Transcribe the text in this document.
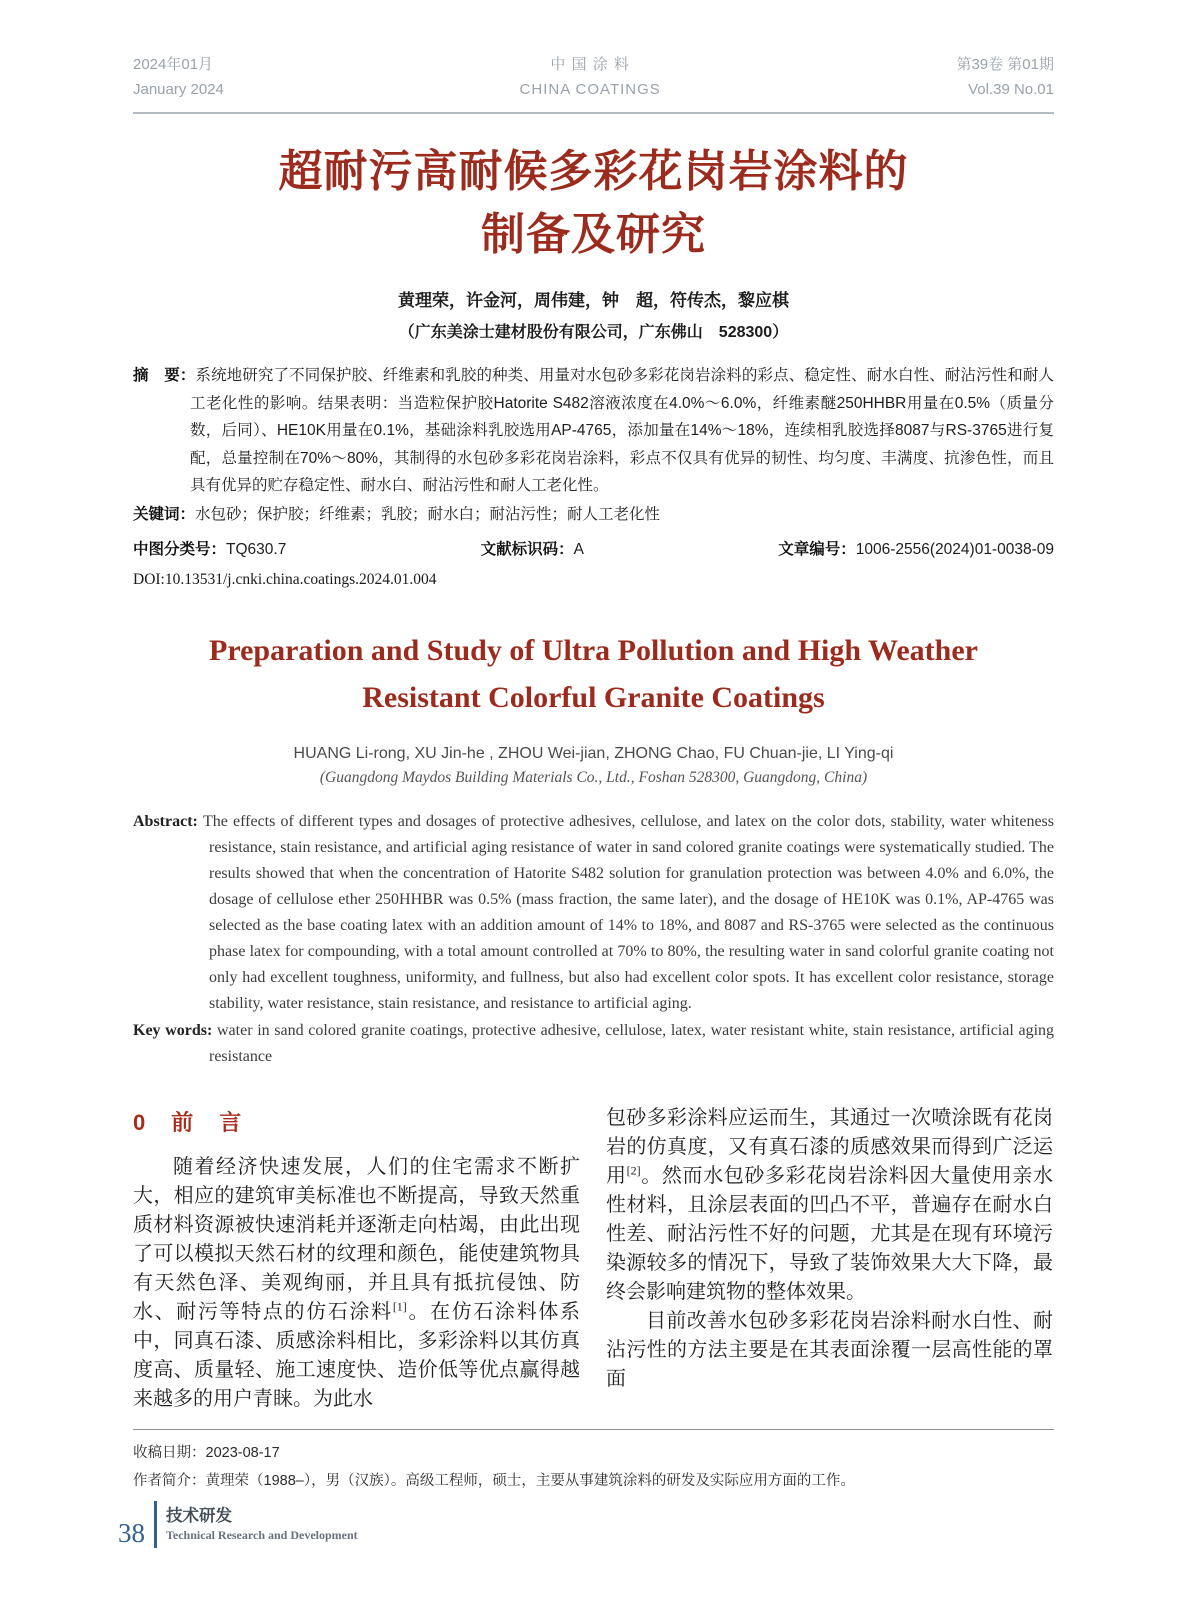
2024年01月
January 2024
中 国 涂 料
CHINA COATINGS
第39卷 第01期
Vol.39 No.01
超耐污高耐候多彩花岗岩涂料的
制备及研究
黄理荣，许金河，周伟建，钟　超，符传杰，黎应棋
（广东美涂士建材股份有限公司，广东佛山　528300）
摘　要：系统地研究了不同保护胶、纤维素和乳胶的种类、用量对水包砂多彩花岗岩涂料的彩点、稳定性、耐水白性、耐沾污性和耐人工老化性的影响。结果表明：当造粒保护胶Hatorite S482溶液浓度在4.0%～6.0%，纤维素醚250HHBR用量在0.5%（质量分数，后同）、HE10K用量在0.1%，基础涂料乳胶选用AP-4765，添加量在14%～18%，连续相乳胶选择8087与RS-3765进行复配，总量控制在70%～80%，其制得的水包砂多彩花岗岩涂料，彩点不仅具有优异的韧性、均匀度、丰满度、抗渗色性，而且具有优异的贮存稳定性、耐水白、耐沾污性和耐人工老化性。
关键词：水包砂；保护胶；纤维素；乳胶；耐水白；耐沾污性；耐人工老化性
中图分类号：TQ630.7	文献标识码：A	文章编号：1006-2556(2024)01-0038-09
DOI:10.13531/j.cnki.china.coatings.2024.01.004
Preparation and Study of Ultra Pollution and High Weather
Resistant Colorful Granite Coatings
HUANG Li-rong, XU Jin-he , ZHOU Wei-jian, ZHONG Chao, FU Chuan-jie, LI Ying-qi
(Guangdong Maydos Building Materials Co., Ltd., Foshan 528300, Guangdong, China)
Abstract: The effects of different types and dosages of protective adhesives, cellulose, and latex on the color dots, stability, water whiteness resistance, stain resistance, and artificial aging resistance of water in sand colored granite coatings were systematically studied. The results showed that when the concentration of Hatorite S482 solution for granulation protection was between 4.0% and 6.0%, the dosage of cellulose ether 250HHBR was 0.5% (mass fraction, the same later), and the dosage of HE10K was 0.1%, AP-4765 was selected as the base coating latex with an addition amount of 14% to 18%, and 8087 and RS-3765 were selected as the continuous phase latex for compounding, with a total amount controlled at 70% to 80%, the resulting water in sand colorful granite coating not only had excellent toughness, uniformity, and fullness, but also had excellent color spots. It has excellent color resistance, storage stability, water resistance, stain resistance, and resistance to artificial aging.
Key words: water in sand colored granite coatings, protective adhesive, cellulose, latex, water resistant white, stain resistance, artificial aging resistance
0 前　言

随着经济快速发展，人们的住宅需求不断扩大，相应的建筑审美标准也不断提高，导致天然重质材料资源被快速消耗并逐渐走向枯竭，由此出现了可以模拟天然石材的纹理和颜色，能使建筑物具有天然色泽、美观绚丽，并且具有抵抗侵蚀、防水、耐污等特点的仿石涂料[1]。在仿石涂料体系中，同真石漆、质感涂料相比，多彩涂料以其仿真度高、质量轻、施工速度快、造价低等优点赢得越来越多的用户青睐。为此水

包砂多彩涂料应运而生，其通过一次喷涂既有花岗岩的仿真度，又有真石漆的质感效果而得到广泛运用[2]。然而水包砂多彩花岗岩涂料因大量使用亲水性材料，且涂层表面的凹凸不平，普遍存在耐水白性差、耐沾污性不好的问题，尤其是在现有环境污染源较多的情况下，导致了装饰效果大大下降，最终会影响建筑物的整体效果。

目前改善水包砂多彩花岗岩涂料耐水白性、耐沾污性的方法主要是在其表面涂覆一层高性能的罩面

收稿日期：2023-08-17
作者简介：黄理荣（1988–），男（汉族）。高级工程师，硕士，主要从事建筑涂料的研发及实际应用方面的工作。
38
技术研发
Technical Research and Development
